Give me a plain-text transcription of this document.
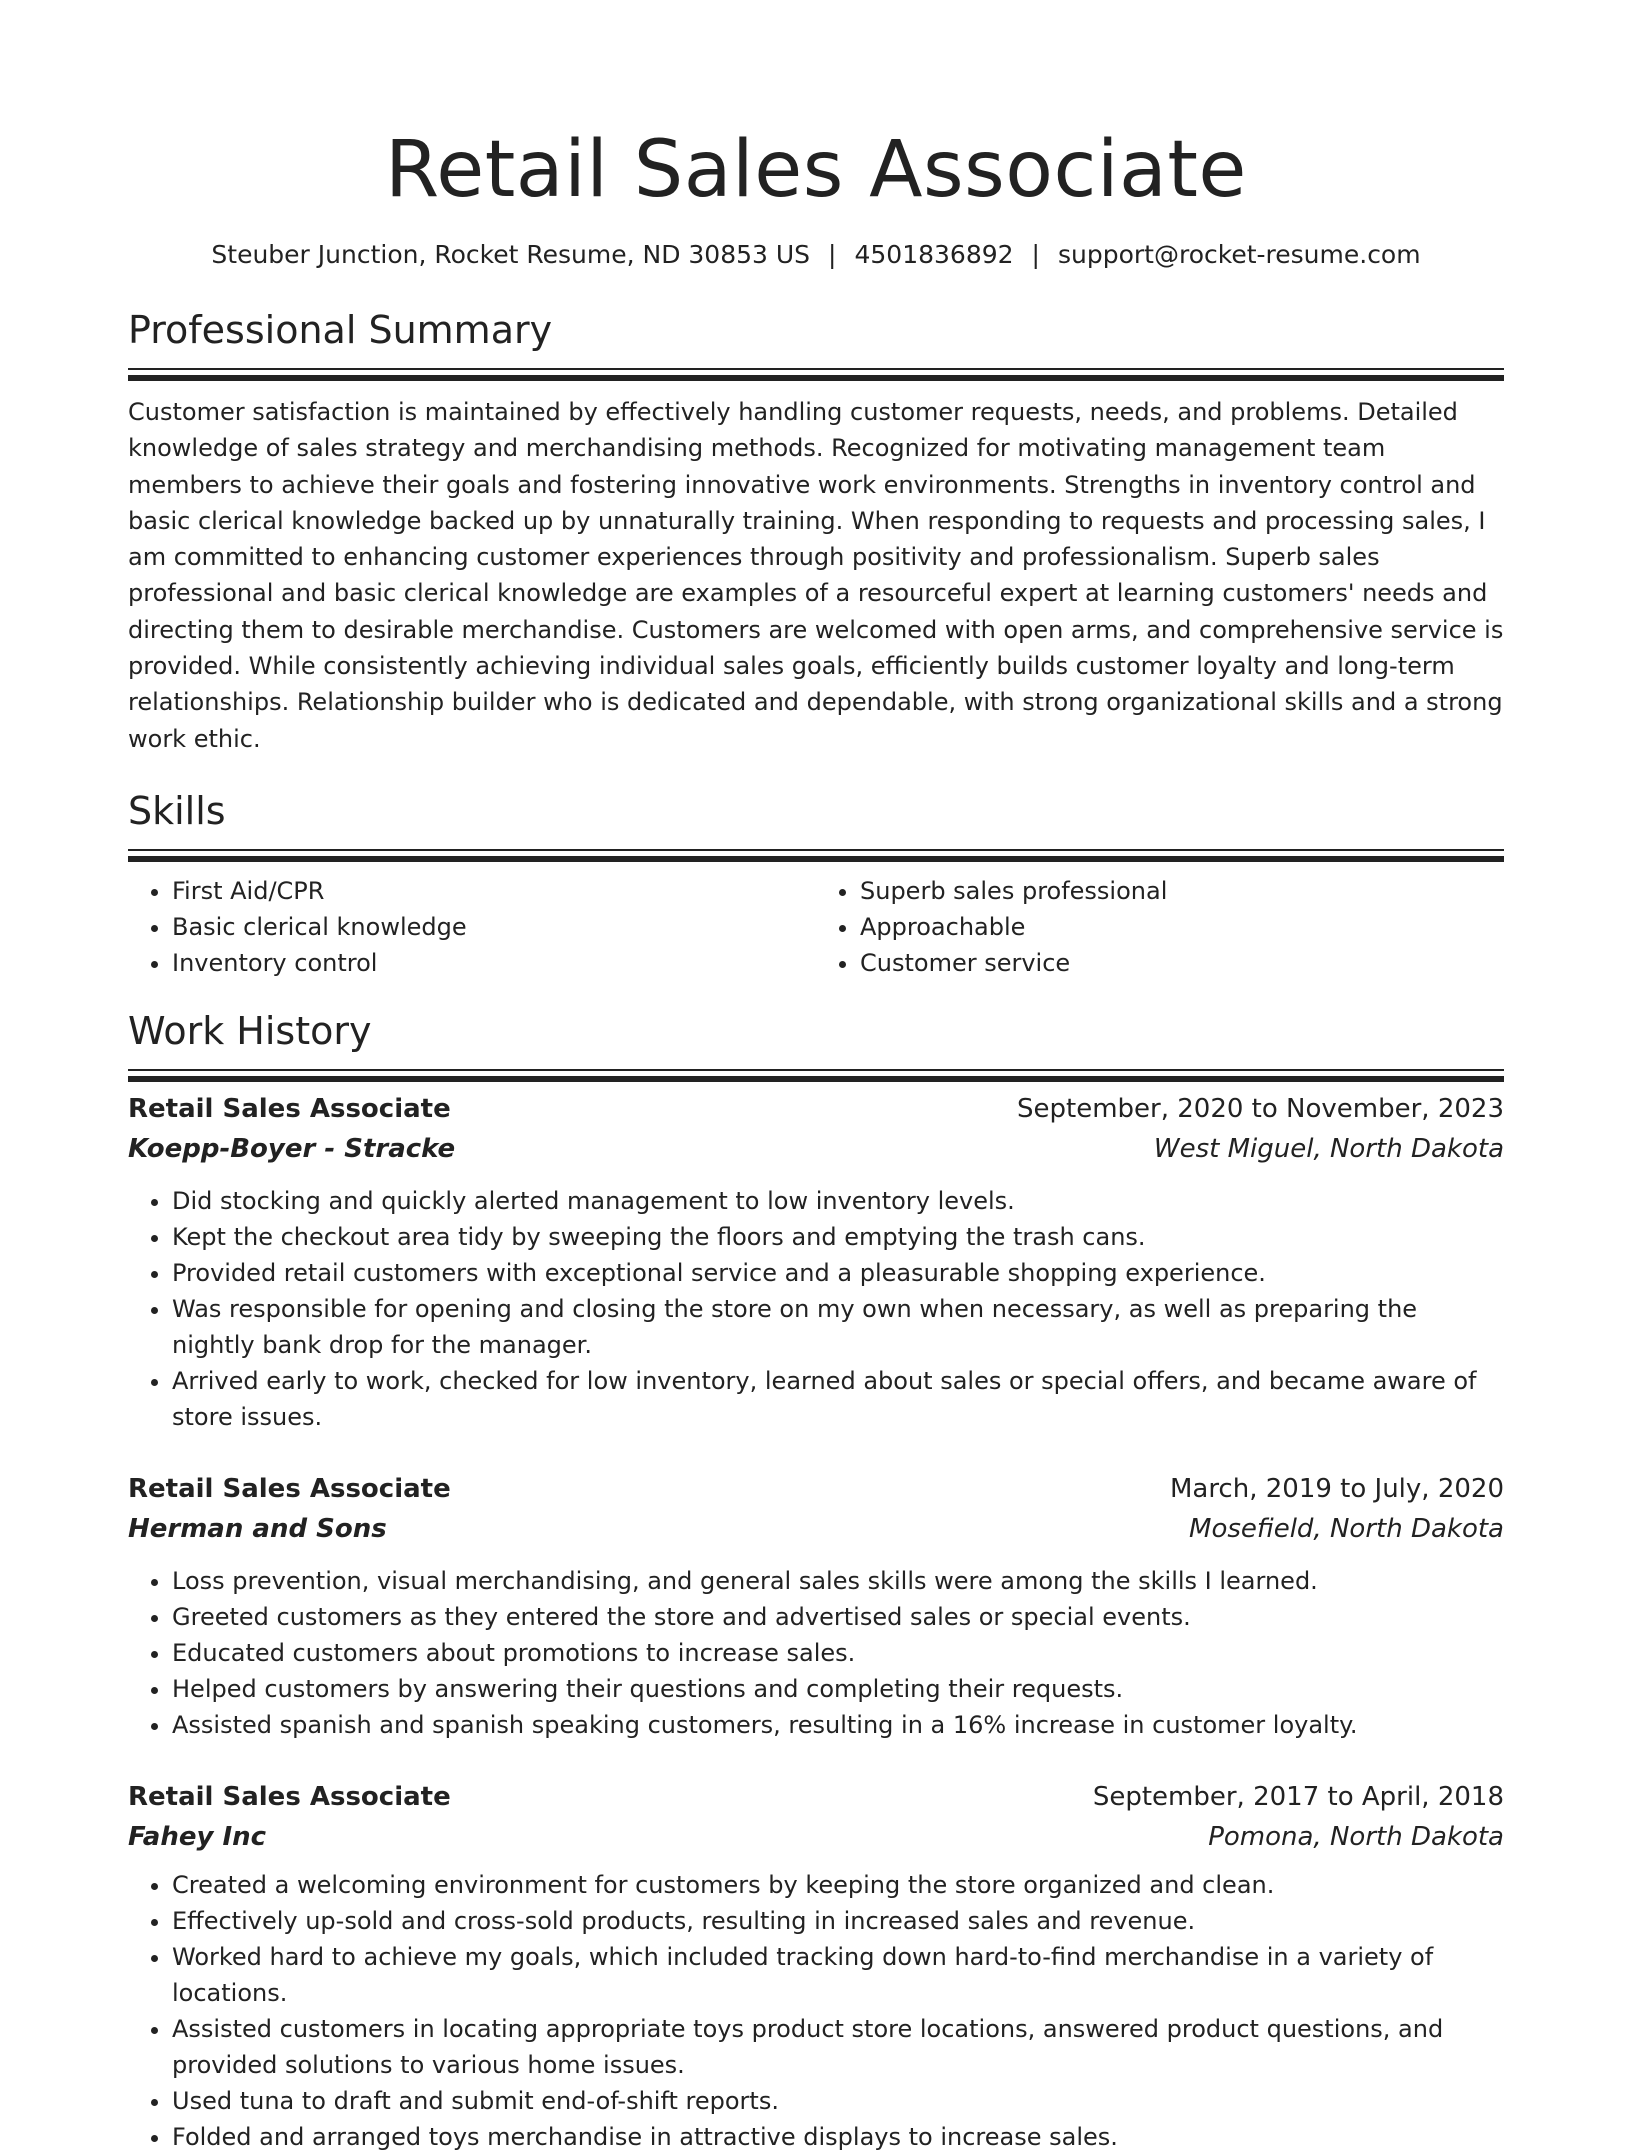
Retail Sales Associate
Steuber Junction, Rocket Resume, ND 30853 US | 4501836892 | support@rocket-resume.com
Professional Summary

Customer satisfaction is maintained by effectively handling customer requests, needs, and problems. Detailed knowledge of sales strategy and merchandising methods. Recognized for motivating management team members to achieve their goals and fostering innovative work environments. Strengths in inventory control and basic clerical knowledge backed up by unnaturally training. When responding to requests and processing sales, I am committed to enhancing customer experiences through positivity and professionalism. Superb sales professional and basic clerical knowledge are examples of a resourceful expert at learning customers' needs and directing them to desirable merchandise. Customers are welcomed with open arms, and comprehensive service is provided. While consistently achieving individual sales goals, efficiently builds customer loyalty and long-term relationships. Relationship builder who is dedicated and dependable, with strong organizational skills and a strong work ethic.

Skills
• First Aid/CPR
• Basic clerical knowledge
• Inventory control
• Superb sales professional
• Approachable
• Customer service
Work History
Retail Sales Associate	September, 2020 to November, 2023
Koepp-Boyer - Stracke	West Miguel, North Dakota
• Did stocking and quickly alerted management to low inventory levels.
• Kept the checkout area tidy by sweeping the floors and emptying the trash cans.
• Provided retail customers with exceptional service and a pleasurable shopping experience.
• Was responsible for opening and closing the store on my own when necessary, as well as preparing the nightly bank drop for the manager.
• Arrived early to work, checked for low inventory, learned about sales or special offers, and became aware of store issues.
Retail Sales Associate	March, 2019 to July, 2020
Herman and Sons	Mosefield, North Dakota
• Loss prevention, visual merchandising, and general sales skills were among the skills I learned.
• Greeted customers as they entered the store and advertised sales or special events.
• Educated customers about promotions to increase sales.
• Helped customers by answering their questions and completing their requests.
• Assisted spanish and spanish speaking customers, resulting in a 16% increase in customer loyalty.
Retail Sales Associate	September, 2017 to April, 2018
Fahey Inc	Pomona, North Dakota
• Created a welcoming environment for customers by keeping the store organized and clean.
• Effectively up-sold and cross-sold products, resulting in increased sales and revenue.
• Worked hard to achieve my goals, which included tracking down hard-to-find merchandise in a variety of locations.
• Assisted customers in locating appropriate toys product store locations, answered product questions, and provided solutions to various home issues.
• Used tuna to draft and submit end-of-shift reports.
• Folded and arranged toys merchandise in attractive displays to increase sales.
